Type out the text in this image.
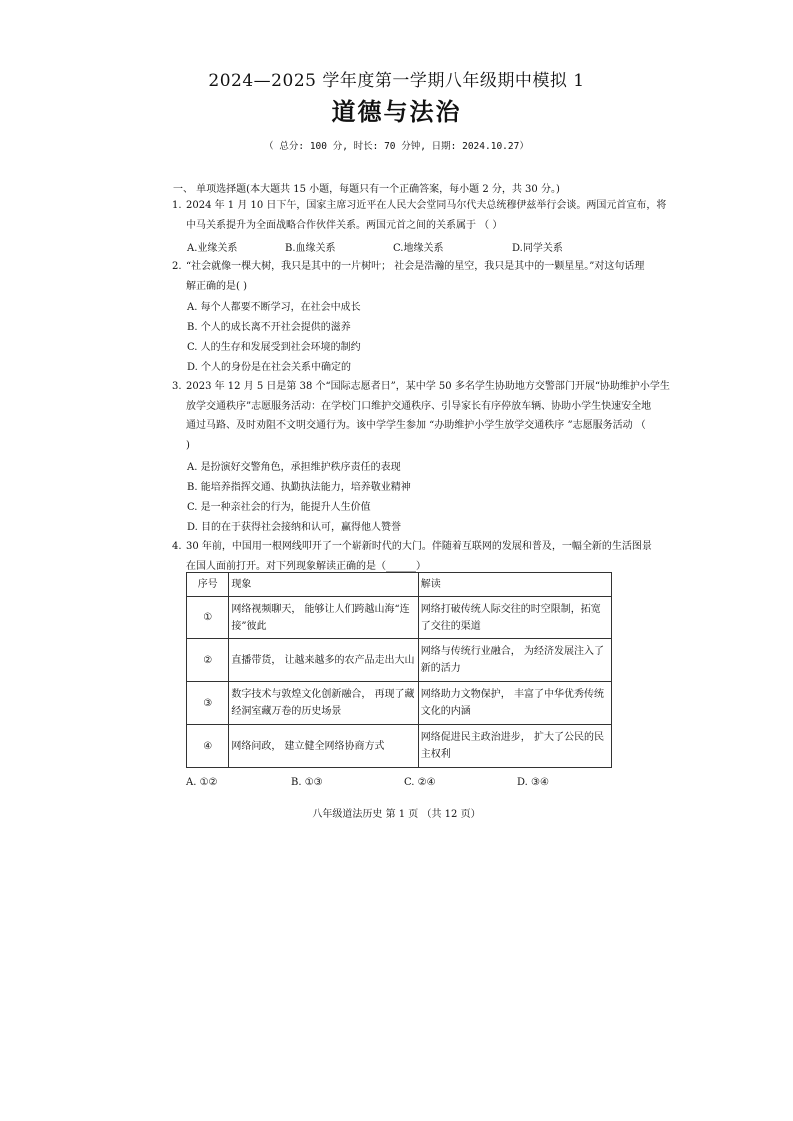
2024—2025 学年度第一学期八年级期中模拟 1
道德与法治
（ 总分: 100 分, 时长: 70 分钟, 日期: 2024.10.27）
一、 单项选择题(本大题共 15 小题，每题只有一个正确答案，每小题 2 分，共 30 分。)
1. 2024 年 1 月 10 日下午，国家主席习近平在人民大会堂同马尔代夫总统穆伊兹举行会谈。两国元首宣布，将
中马关系提升为全面战略合作伙伴关系。两国元首之间的关系属于 （ ）
A.业缘关系	B.血缘关系	C.地缘关系	D.同学关系
2. “社会就像一棵大树，我只是其中的一片树叶； 社会是浩瀚的星空，我只是其中的一颗星星。”对这句话理
解正确的是( )
A. 每个人都要不断学习，在社会中成长
B. 个人的成长离不开社会提供的滋养
C. 人的生存和发展受到社会环境的制约
D. 个人的身份是在社会关系中确定的
3. 2023 年 12 月 5 日是第 38 个“国际志愿者日”，某中学 50 多名学生协助地方交警部门开展“协助维护小学生
放学交通秩序”志愿服务活动：在学校门口维护交通秩序、引导家长有序停放车辆、协助小学生快速安全地
通过马路、及时劝阻不文明交通行为。该中学学生参加 “办助维护小学生放学交通秩序 ”志愿服务活动 （
)
A. 是扮演好交警角色，承担维护秩序责任的表现
B. 能培养指挥交通、执勤执法能力，培养敬业精神
C. 是一种亲社会的行为，能提升人生价值
D. 目的在于获得社会接纳和认可，赢得他人赞誉
4. 30 年前，中国用一根网线叩开了一个崭新时代的大门。伴随着互联网的发展和普及，一幅全新的生活图景
在国人面前打开。对下列现象解读正确的是（______）
序号	现象	解读
①	网络视频聊天， 能够让人们跨越山海“连接”彼此	网络打破传统人际交往的时空限制，拓宽了交往的渠道
②	直播带货， 让越来越多的农产品走出大山	网络与传统行业融合， 为经济发展注入了新的活力
③	数字技术与敦煌文化创新融合， 再现了藏经洞室藏万卷的历史场景	网络助力文物保护， 丰富了中华优秀传统文化的内涵
④	网络问政， 建立健全网络协商方式	网络促进民主政治进步， 扩大了公民的民主权利
A. ①②	B. ①③	C. ②④	D. ③④
八年级道法历史 第 1 页 （共 12 页）
